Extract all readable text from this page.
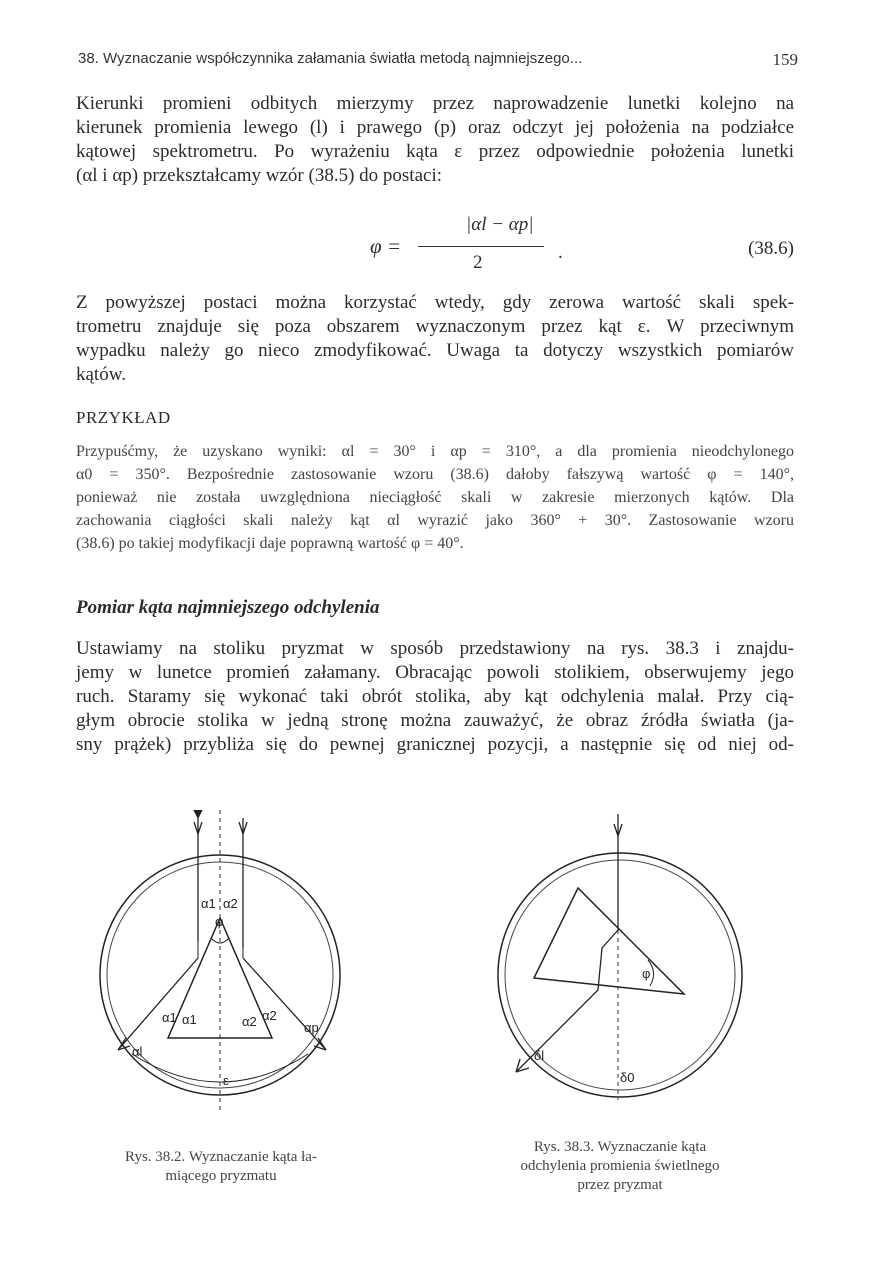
38. Wyznaczanie współczynnika załamania światła metodą najmniejszego...	159

Kierunki promieni odbitych mierzymy przez naprowadzenie lunetki kolejno na
kierunek promienia lewego (l) i prawego (p) oraz odczyt jej położenia na podziałce
kątowej spektrometru. Po wyrażeniu kąta ε przez odpowiednie położenia lunetki
(αl i αp) przekształcamy wzór (38.5) do postaci:

φ =
|αl − αp|
2	.	(38.6)

Z powyższej postaci można korzystać wtedy, gdy zerowa wartość skali spek-
trometru znajduje się poza obszarem wyznaczonym przez kąt ε. W przeciwnym
wypadku należy go nieco zmodyfikować. Uwaga ta dotyczy wszystkich pomiarów
kątów.

PRZYKŁAD
Przypuśćmy, że uzyskano wyniki: αl = 30° i αp = 310°, a dla promienia nieodchylonego
α0 = 350°. Bezpośrednie zastosowanie wzoru (38.6) dałoby fałszywą wartość φ = 140°,
ponieważ nie została uwzględniona nieciągłość skali w zakresie mierzonych kątów. Dla
zachowania ciągłości skali należy kąt αl wyrazić jako 360° + 30°. Zastosowanie wzoru
(38.6) po takiej modyfikacji daje poprawną wartość φ = 40°.
Pomiar kąta najmniejszego odchylenia

Ustawiamy na stoliku pryzmat w sposób przedstawiony na rys. 38.3 i znajdu-
jemy w lunetce promień załamany. Obracając powoli stolikiem, obserwujemy jego
ruch. Staramy się wykonać taki obrót stolika, aby kąt odchylenia malał. Przy cią-
głym obrocie stolika w jedną stronę można zauważyć, że obraz źródła światła (ja-
sny prążek) przybliża się do pewnej granicznej pozycji, a następnie się od niej od-

α1 α2
φ
α1 α1	α2 α2
αl
αp
ε
Rys. 38.2. Wyznaczanie kąta ła-
miącego pryzmatu
φ
δl
δ0
Rys. 38.3. Wyznaczanie kąta
odchylenia promienia świetlnego
przez pryzmat
